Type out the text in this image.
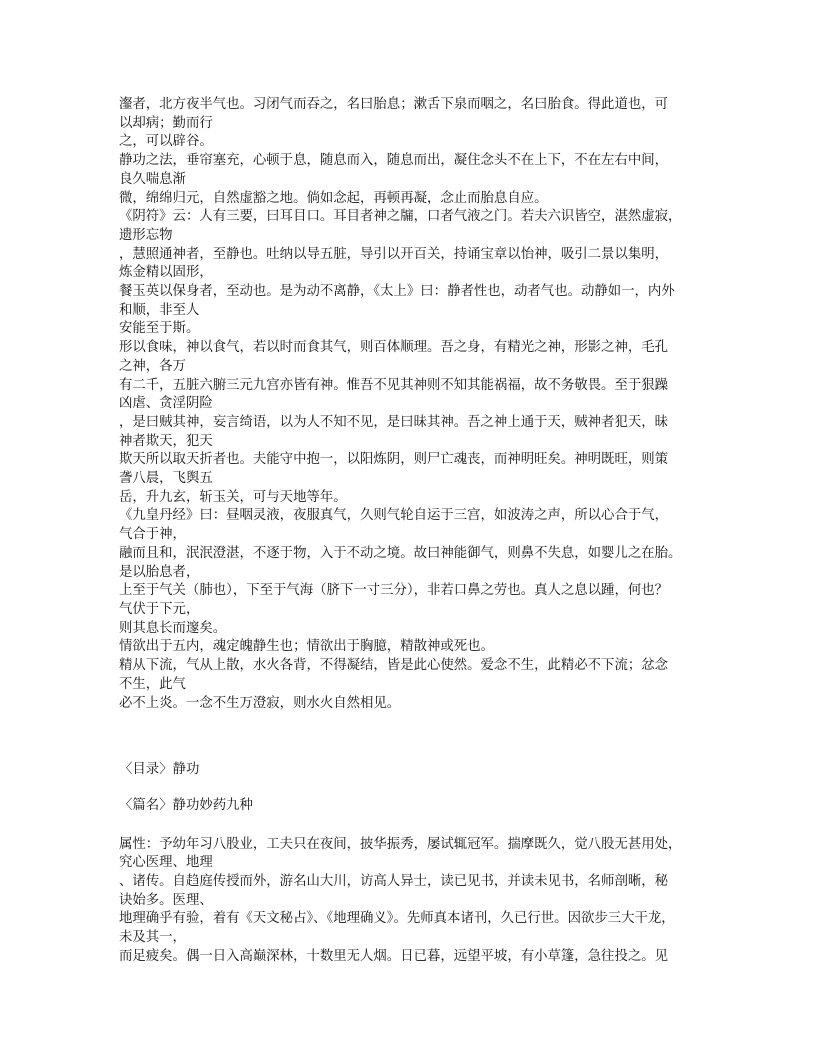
瀣者，北方夜半气也。习闭气而吞之，名曰胎息；漱舌下泉而咽之，名曰胎食。得此道也，可
以却病；勤而行
之，可以辟谷。
静功之法，垂帘塞充，心顿于息，随息而入，随息而出，凝住念头不在上下，不在左右中间，
良久喘息渐
微，绵绵归元，自然虚豁之地。倘如念起，再顿再凝，念止而胎息自应。
《阴符》云：人有三要，曰耳目口。耳目者神之牖，口者气液之门。若夫六识皆空，湛然虚寂，
遗形忘物
，慧照通神者，至静也。吐纳以导五脏，导引以开百关，持诵宝章以怡神，吸引二景以集明，
炼金精以固形，
餐玉英以保身者，至动也。是为动不离静，《太上》曰：静者性也，动者气也。动静如一，内外
和顺，非至人
安能至于斯。
形以食味，神以食气，若以时而食其气，则百体顺理。吾之身，有精光之神，形影之神，毛孔
之神，各万
有二千，五脏六腑三元九宫亦皆有神。惟吾不见其神则不知其能祸福，故不务敬畏。至于狠躁
凶虐、贪淫阴险
，是曰贼其神，妄言绮语，以为人不知不见，是曰昧其神。吾之神上通于天，贼神者犯天，昧
神者欺天，犯天
欺天所以取天折者也。夫能守中抱一，以阳炼阴，则尸亡魂丧，而神明旺矣。神明既旺，则策
詟八晨，飞舆五
岳，升九玄，斩玉关，可与天地等年。
《九皇丹经》曰：昼咽灵液，夜服真气，久则气轮自运于三宫，如波涛之声，所以心合于气，
气合于神，
融而且和，泯泯澄湛，不逐于物，入于不动之境。故曰神能御气，则鼻不失息，如婴儿之在胎。
是以胎息者，
上至于气关（肺也），下至于气海（脐下一寸三分），非若口鼻之劳也。真人之息以踵，何也？
气伏于下元，
则其息长而邃矣。
情欲出于五内，魂定魄静生也；情欲出于胸臆，精散神或死也。
精从下流，气从上散，水火各背，不得凝结，皆是此心使然。爱念不生，此精必不下流；忿念
不生，此气
必不上炎。一念不生万澄寂，则水火自然相见。
〈目录〉静功
〈篇名〉静功妙药九种
属性：予幼年习八股业，工夫只在夜间，披华振秀，屡试辄冠军。揣摩既久，觉八股无甚用处，
究心医理、地理
、诸传。自趋庭传授而外，游名山大川，访高人异士，读已见书，并读未见书，名师剖晰，秘
诀始多。医理、
地理确乎有验，着有《天文秘占》、《地理确义》。先师真本诸刊，久已行世。因欲步三大干龙，
未及其一，
而足疲矣。偶一日入高巅深林，十数里无人烟。日已暮，远望平坡，有小草篷，急往投之。见
